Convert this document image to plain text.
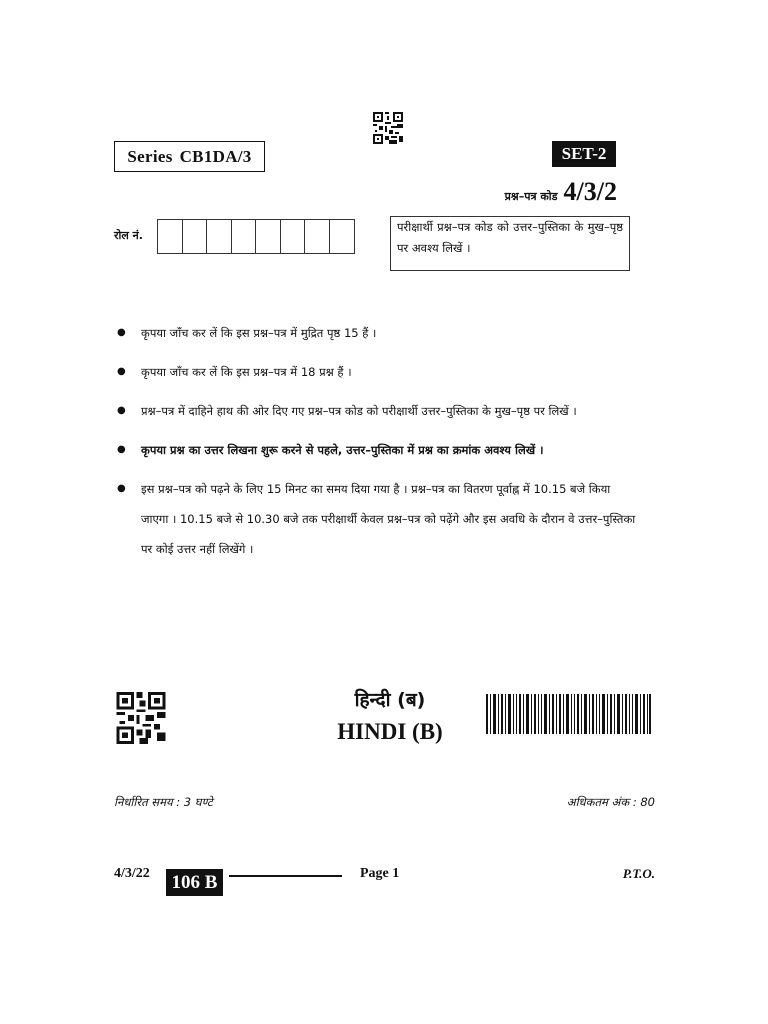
Series CB1DA/3	SET-2
प्रश्न–पत्र कोड 4/3/2
रोल नं.
परीक्षार्थी प्रश्न–पत्र कोड को उत्तर–पुस्तिका के मुख–पृष्ठ पर अवश्य लिखें ।
● कृपया जाँच कर लें कि इस प्रश्न–पत्र में मुद्रित पृष्ठ 15 हैं ।
● कृपया जाँच कर लें कि इस प्रश्न–पत्र में 18 प्रश्न हैं ।
● प्रश्न–पत्र में दाहिने हाथ की ओर दिए गए प्रश्न–पत्र कोड को परीक्षार्थी उत्तर–पुस्तिका के मुख–पृष्ठ पर लिखें ।
● कृपया प्रश्न का उत्तर लिखना शुरू करने से पहले, उत्तर–पुस्तिका में प्रश्न का क्रमांक अवश्य लिखें ।
● इस प्रश्न–पत्र को पढ़ने के लिए 15 मिनट का समय दिया गया है । प्रश्न–पत्र का वितरण पूर्वाह्न में 10.15 बजे किया जाएगा । 10.15 बजे से 10.30 बजे तक परीक्षार्थी केवल प्रश्न–पत्र को पढ़ेंगे और इस अवधि के दौरान वे उत्तर–पुस्तिका पर कोई उत्तर नहीं लिखेंगे ।
हिन्दी (ब)
HINDI (B)
निर्धारित समय : 3 घण्टे	अधिकतम अंक : 80
4/3/22 106 B	Page 1	P.T.O.
